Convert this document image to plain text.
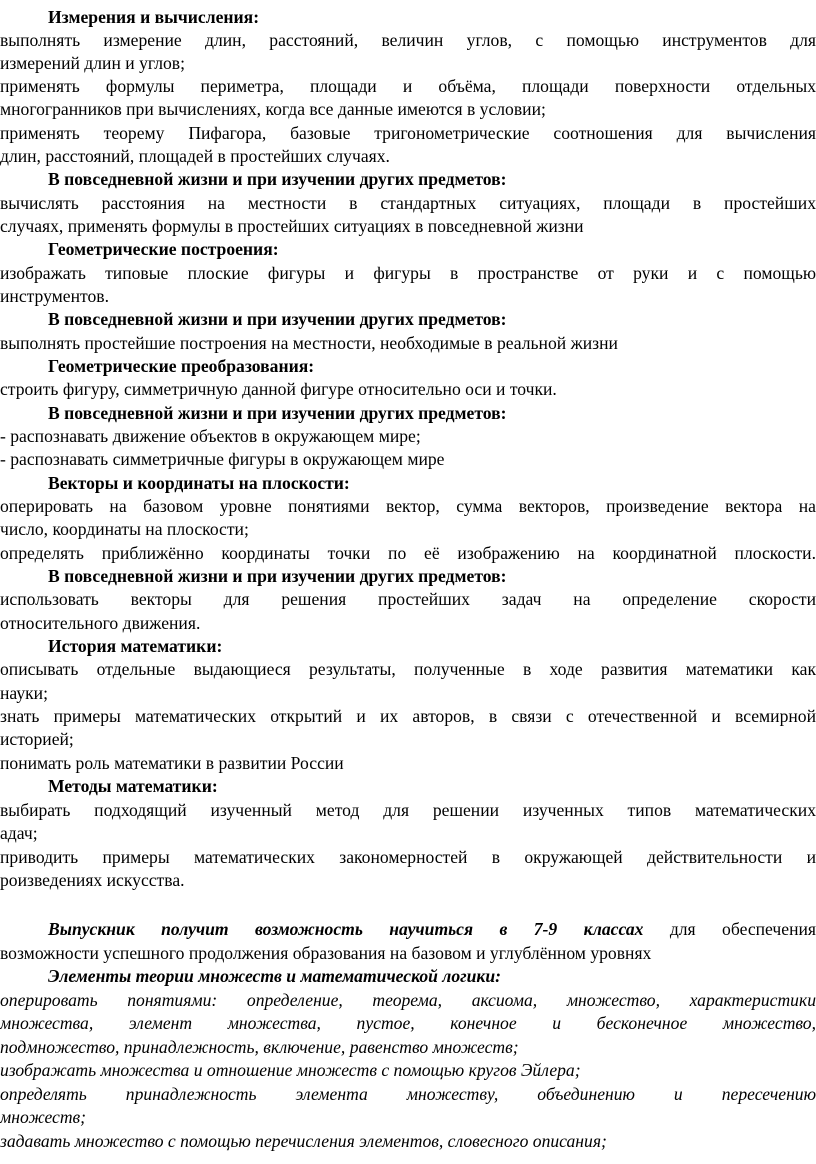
Измерения и вычисления:
выполнять измерение длин, расстояний, величин углов, с помощью инструментов для
измерений длин и углов;
применять формулы периметра, площади и объёма, площади поверхности отдельных
многогранников при вычислениях, когда все данные имеются в условии;
применять теорему Пифагора, базовые тригонометрические соотношения для вычисления
длин, расстояний, площадей в простейших случаях.
В повседневной жизни и при изучении других предметов:
вычислять расстояния на местности в стандартных ситуациях, площади в простейших
случаях, применять формулы в простейших ситуациях в повседневной жизни
Геометрические построения:
изображать типовые плоские фигуры и фигуры в пространстве от руки и с помощью
инструментов.
В повседневной жизни и при изучении других предметов:
выполнять простейшие построения на местности, необходимые в реальной жизни
Геометрические преобразования:
строить фигуру, симметричную данной фигуре относительно оси и точки.
В повседневной жизни и при изучении других предметов:
- распознавать движение объектов в окружающем мире;
- распознавать симметричные фигуры в окружающем мире
Векторы и координаты на плоскости:
оперировать на базовом уровне понятиями вектор, сумма векторов, произведение вектора на
число, координаты на плоскости;
определять приближённо координаты точки по её изображению на координатной плоскости.
В повседневной жизни и при изучении других предметов:
использовать векторы для решения простейших задач на определение скорости
относительного движения.
История математики:
описывать отдельные выдающиеся результаты, полученные в ходе развития математики как
науки;
знать примеры математических открытий и их авторов, в связи с отечественной и всемирной
историей;
понимать роль математики в развитии России
Методы математики:
выбирать подходящий изученный метод для решении изученных типов математических
адач;
приводить примеры математических закономерностей в окружающей действительности и
роизведениях искусства.
Выпускник получит возможность научиться в 7-9 классах для обеспечения
возможности успешного продолжения образования на базовом и углублённом уровнях
Элементы теории множеств и математической логики:
оперировать понятиями: определение, теорема, аксиома, множество, характеристики
множества, элемент множества, пустое, конечное и бесконечное множество,
подмножество, принадлежность, включение, равенство множеств;
изображать множества и отношение множеств с помощью кругов Эйлера;
определять принадлежность элемента множеству, объединению и пересечению
множеств;
задавать множество с помощью перечисления элементов, словесного описания;
